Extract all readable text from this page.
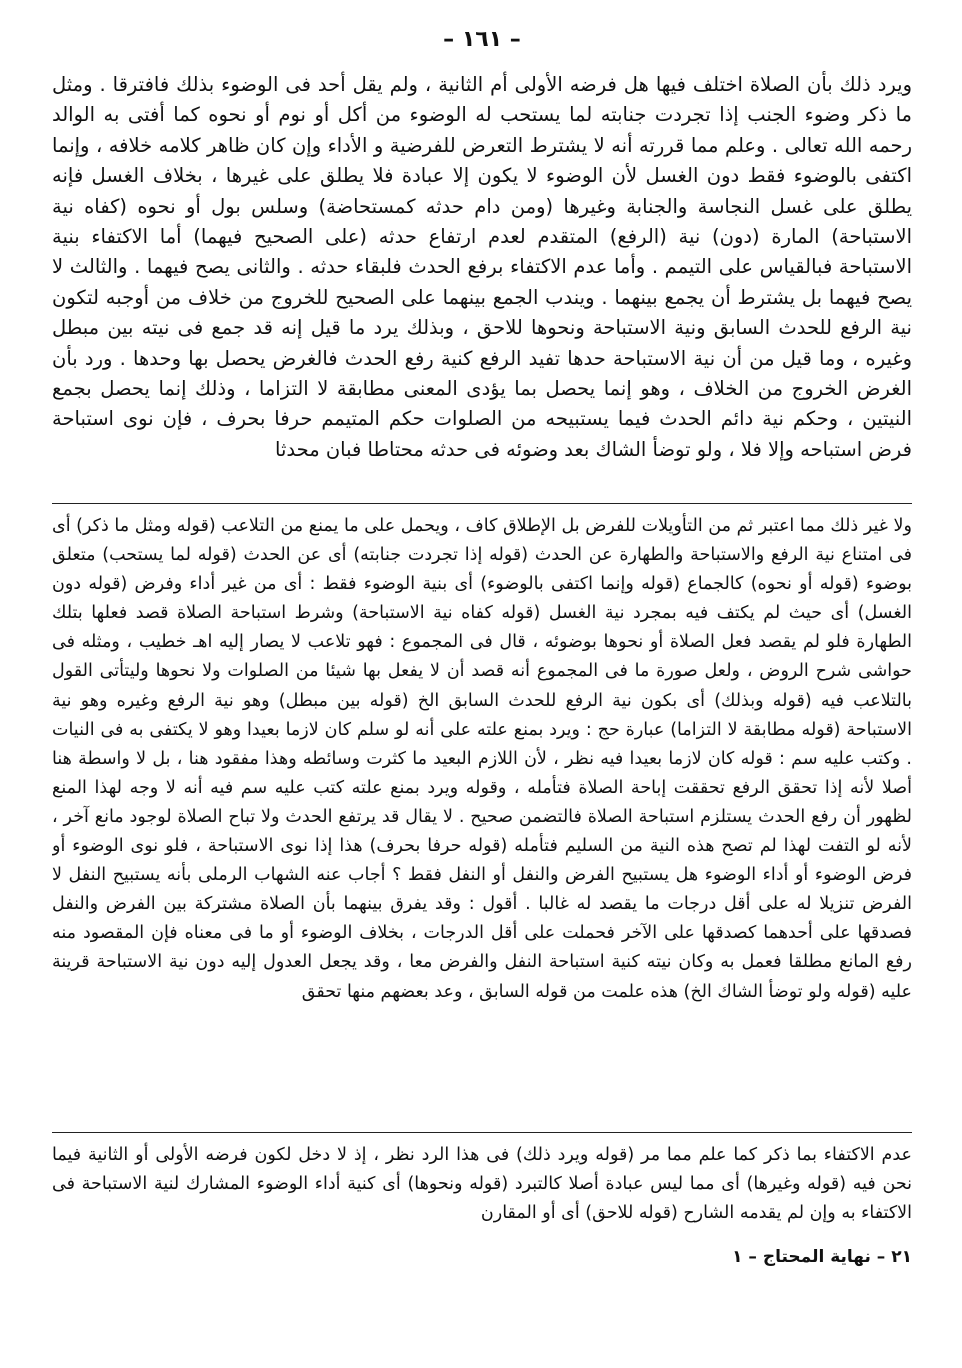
– ١٦١ –

ويرد ذلك بأن الصلاة اختلف فيها هل فرضه الأولى أم الثانية ، ولم يقل أحد فى الوضوء بذلك فافترقا . ومثل ما ذكر وضوء الجنب إذا تجردت جنابته لما يستحب له الوضوء من أكل أو نوم أو نحوه كما أفتى به الوالد رحمه الله تعالى . وعلم مما قررته أنه لا يشترط التعرض للفرضية و الأداء وإن كان ظاهر كلامه خلافه ، وإنما اكتفى بالوضوء فقط دون الغسل لأن الوضوء لا يكون إلا عبادة فلا يطلق على غيرها ، بخلاف الغسل فإنه يطلق على غسل النجاسة والجنابة وغيرها (ومن دام حدثه كمستحاضة) وسلس بول أو نحوه (كفاه نية الاستباحة) المارة (دون) نية (الرفع) المتقدم لعدم ارتفاع حدثه (على الصحيح فيهما) أما الاكتفاء بنية الاستباحة فبالقياس على التيمم . وأما عدم الاكتفاء برفع الحدث فلبقاء حدثه . والثانى يصح فيهما . والثالث لا يصح فيهما بل يشترط أن يجمع بينهما . ويندب الجمع بينهما على الصحيح للخروج من خلاف من أوجبه لتكون نية الرفع للحدث السابق ونية الاستباحة ونحوها للاحق ، وبذلك يرد ما قيل إنه قد جمع فى نيته بين مبطل وغيره ، وما قيل من أن نية الاستباحة حدها تفيد الرفع كنية رفع الحدث فالغرض يحصل بها وحدها . ورد بأن الغرض الخروج من الخلاف ، وهو إنما يحصل بما يؤدى المعنى مطابقة لا التزاما ، وذلك إنما يحصل بجمع النيتين ، وحكم نية دائم الحدث فيما يستبيحه من الصلوات حكم المتيمم حرفا بحرف ، فإن نوى استباحة فرض استباحه وإلا فلا ، ولو توضأ الشاك بعد وضوئه فى حدثه محتاطا فبان محدثا

ولا غير ذلك مما اعتبر ثم من التأويلات للفرض بل الإطلاق كاف ، ويحمل على ما يمنع من التلاعب (قوله ومثل ما ذكر) أى فى امتناع نية الرفع والاستباحة والطهارة عن الحدث (قوله إذا تجردت جنابته) أى عن الحدث (قوله لما يستحب) متعلق بوضوء (قوله أو نحوه) كالجماع (قوله وإنما اكتفى بالوضوء) أى بنية الوضوء فقط : أى من غير أداء وفرض (قوله دون الغسل) أى حيث لم يكتف فيه بمجرد نية الغسل (قوله كفاه نية الاستباحة) وشرط استباحة الصلاة قصد فعلها بتلك الطهارة فلو لم يقصد فعل الصلاة أو نحوها بوضوئه ، قال فى المجموع : فهو تلاعب لا يصار إليه اهـ خطيب ، ومثله فى حواشى شرح الروض ، ولعل صورة ما فى المجموع أنه قصد أن لا يفعل بها شيئا من الصلوات ولا نحوها وليتأتى القول بالتلاعب فيه (قوله وبذلك) أى بكون نية الرفع للحدث السابق الخ (قوله بين مبطل) وهو نية الرفع وغيره وهو نية الاستباحة (قوله مطابقة لا التزاما) عبارة حج : ويرد بمنع علته على أنه لو سلم كان لازما بعيدا وهو لا يكتفى به فى النيات . وكتب عليه سم : قوله كان لازما بعيدا فيه نظر ، لأن اللازم البعيد ما كثرت وسائطه وهذا مفقود هنا ، بل لا واسطة هنا أصلا لأنه إذا تحقق الرفع تحققت إباحة الصلاة فتأمله ، وقوله ويرد بمنع علته كتب عليه سم فيه أنه لا وجه لهذا المنع لظهور أن رفع الحدث يستلزم استباحة الصلاة فالتضمن صحيح . لا يقال قد يرتفع الحدث ولا تباح الصلاة لوجود مانع آخر ، لأنه لو التفت لهذا لم تصح هذه النية من السليم فتأمله (قوله حرفا بحرف) هذا إذا نوى الاستباحة ، فلو نوى الوضوء أو فرض الوضوء أو أداء الوضوء هل يستبيح الفرض والنفل أو النفل فقط ؟ أجاب عنه الشهاب الرملى بأنه يستبيح النفل لا الفرض تنزيلا له على أقل درجات ما يقصد له غالبا . أقول : وقد يفرق بينهما بأن الصلاة مشتركة بين الفرض والنفل فصدقها على أحدهما كصدقها على الآخر فحملت على أقل الدرجات ، بخلاف الوضوء أو ما فى معناه فإن المقصود منه رفع المانع مطلقا فعمل به وكان نيته كنية استباحة النفل والفرض معا ، وقد يجعل العدول إليه دون نية الاستباحة قرينة عليه (قوله ولو توضأ الشاك الخ) هذه علمت من قوله السابق ، وعد بعضهم منها تحقق

عدم الاكتفاء بما ذكر كما علم مما مر (قوله ويرد ذلك) فى هذا الرد نظر ، إذ لا دخل لكون فرضه الأولى أو الثانية فيما نحن فيه (قوله وغيرها) أى مما ليس عبادة أصلا كالتبرد (قوله ونحوها) أى كنية أداء الوضوء المشارك لنية الاستباحة فى الاكتفاء به وإن لم يقدمه الشارح (قوله للاحق) أى أو المقارن

٢١ – نهاية المحتاج – ١
